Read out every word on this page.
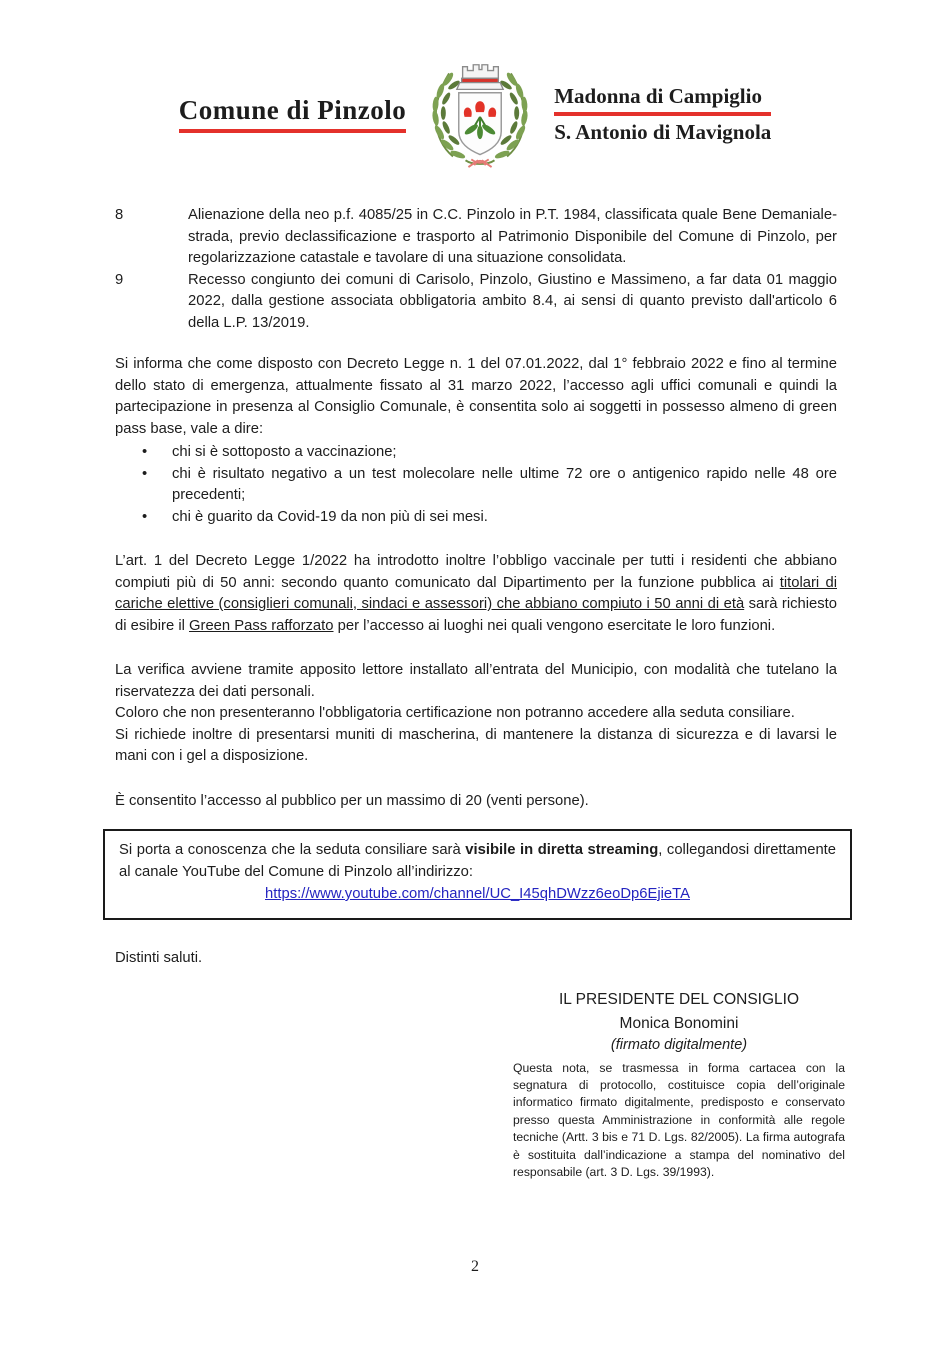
Comune di Pinzolo	Madonna di Campiglio
S. Antonio di Mavignola
8	Alienazione della neo p.f. 4085/25 in C.C. Pinzolo in P.T. 1984, classificata quale Bene Demaniale-strada, previo declassificazione e trasporto al Patrimonio Disponibile del Comune di Pinzolo, per regolarizzazione catastale e tavolare di una situazione consolidata.
9	Recesso congiunto dei comuni di Carisolo, Pinzolo, Giustino e Massimeno, a far data 01 maggio 2022, dalla gestione associata obbligatoria ambito 8.4, ai sensi di quanto previsto dall'articolo 6 della L.P. 13/2019.

Si informa che come disposto con Decreto Legge n. 1 del 07.01.2022, dal 1° febbraio 2022 e fino al termine dello stato di emergenza, attualmente fissato al 31 marzo 2022, l’accesso agli uffici comunali e quindi la partecipazione in presenza al Consiglio Comunale, è consentita solo ai soggetti in possesso almeno di green pass base, vale a dire:

•	chi si è sottoposto a vaccinazione;
•	chi è risultato negativo a un test molecolare nelle ultime 72 ore o antigenico rapido nelle 48 ore precedenti;
•	chi è guarito da Covid-19 da non più di sei mesi.

L’art. 1 del Decreto Legge 1/2022 ha introdotto inoltre l’obbligo vaccinale per tutti i residenti che abbiano compiuti più di 50 anni: secondo quanto comunicato dal Dipartimento per la funzione pubblica ai titolari di cariche elettive (consiglieri comunali, sindaci e assessori) che abbiano compiuto i 50 anni di età sarà richiesto di esibire il Green Pass rafforzato per l’accesso ai luoghi nei quali vengono esercitate le loro funzioni.

La verifica avviene tramite apposito lettore installato all’entrata del Municipio, con modalità che tutelano la riservatezza dei dati personali.

Coloro che non presenteranno l'obbligatoria certificazione non potranno accedere alla seduta consiliare.

Si richiede inoltre di presentarsi muniti di mascherina, di mantenere la distanza di sicurezza e di lavarsi le mani con i gel a disposizione.

È consentito l’accesso al pubblico per un massimo di 20 (venti persone).

Si porta a conoscenza che la seduta consiliare sarà visibile in diretta streaming, collegandosi direttamente al canale YouTube del Comune di Pinzolo all’indirizzo:
https://www.youtube.com/channel/UC_I45qhDWzz6eoDp6EjieTA

Distinti saluti.

IL PRESIDENTE DEL CONSIGLIO
Monica Bonomini
(firmato digitalmente)
Questa nota, se trasmessa in forma cartacea con la segnatura di protocollo, costituisce copia dell’originale informatico firmato digitalmente, predisposto e conservato presso questa Amministrazione in conformità alle regole tecniche (Artt. 3 bis e 71 D. Lgs. 82/2005). La firma autografa è sostituita dall’indicazione a stampa del nominativo del responsabile (art. 3 D. Lgs. 39/1993).
2
